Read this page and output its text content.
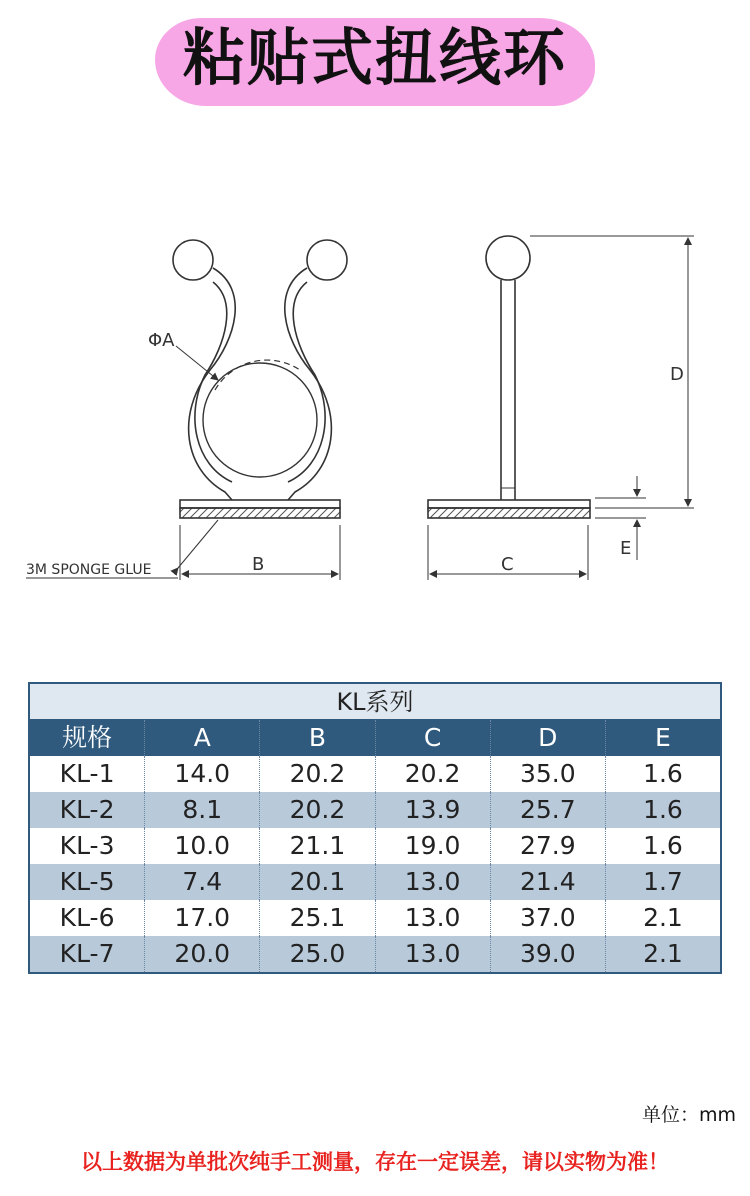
粘贴式扭线环
ΦA
B
3M SPONGE GLUE
D
E
C
KL系列
规格	A	B	C	D	E
KL-1	14.0	20.2	20.2	35.0	1.6
KL-2	8.1	20.2	13.9	25.7	1.6
KL-3	10.0	21.1	19.0	27.9	1.6
KL-5	7.4	20.1	13.0	21.4	1.7
KL-6	17.0	25.1	13.0	37.0	2.1
KL-7	20.0	25.0	13.0	39.0	2.1
单位：mm
以上数据为单批次纯手工测量，存在一定误差，请以实物为准！
